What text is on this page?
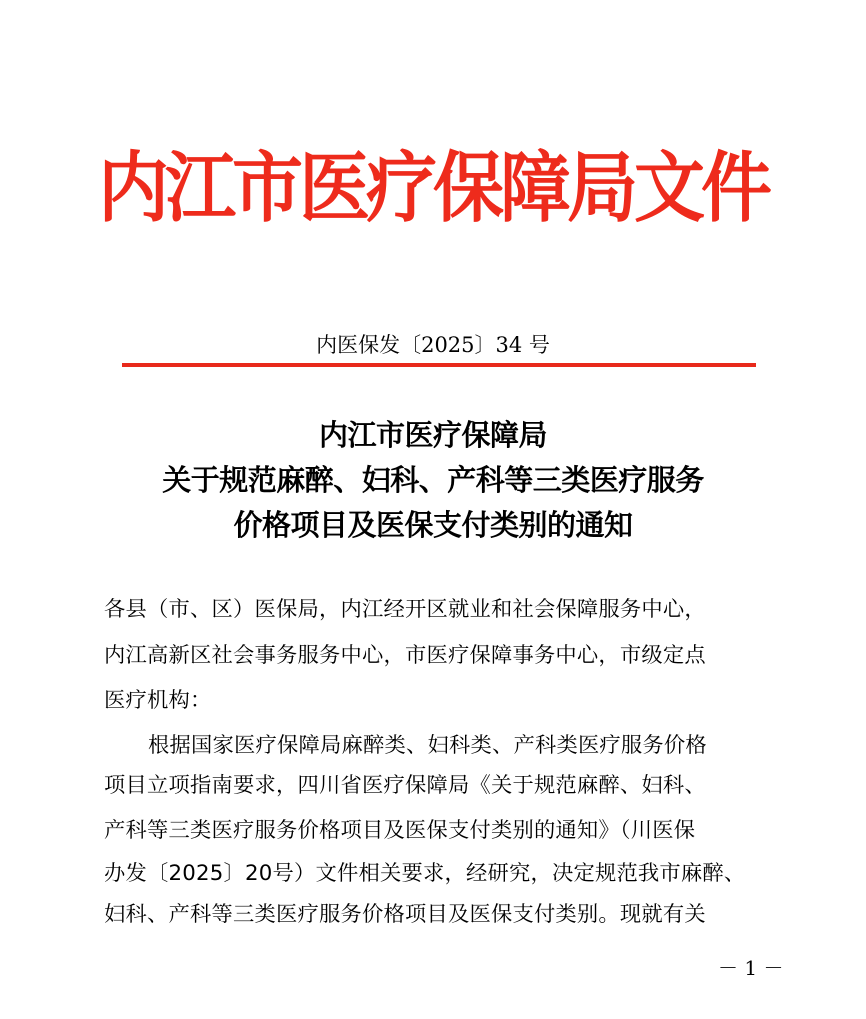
内江市医疗保障局文件
内医保发〔2025〕34 号
内江市医疗保障局
关于规范麻醉、妇科、产科等三类医疗服务
价格项目及医保支付类别的通知
各县（市、区）医保局，内江经开区就业和社会保障服务中心，
内江高新区社会事务服务中心，市医疗保障事务中心，市级定点
医疗机构：
根据国家医疗保障局麻醉类、妇科类、产科类医疗服务价格
项目立项指南要求，四川省医疗保障局《关于规范麻醉、妇科、
产科等三类医疗服务价格项目及医保支付类别的通知》（川医保
办发〔2025〕20号）文件相关要求，经研究，决定规范我市麻醉、
妇科、产科等三类医疗服务价格项目及医保支付类别。现就有关
－ 1 －
